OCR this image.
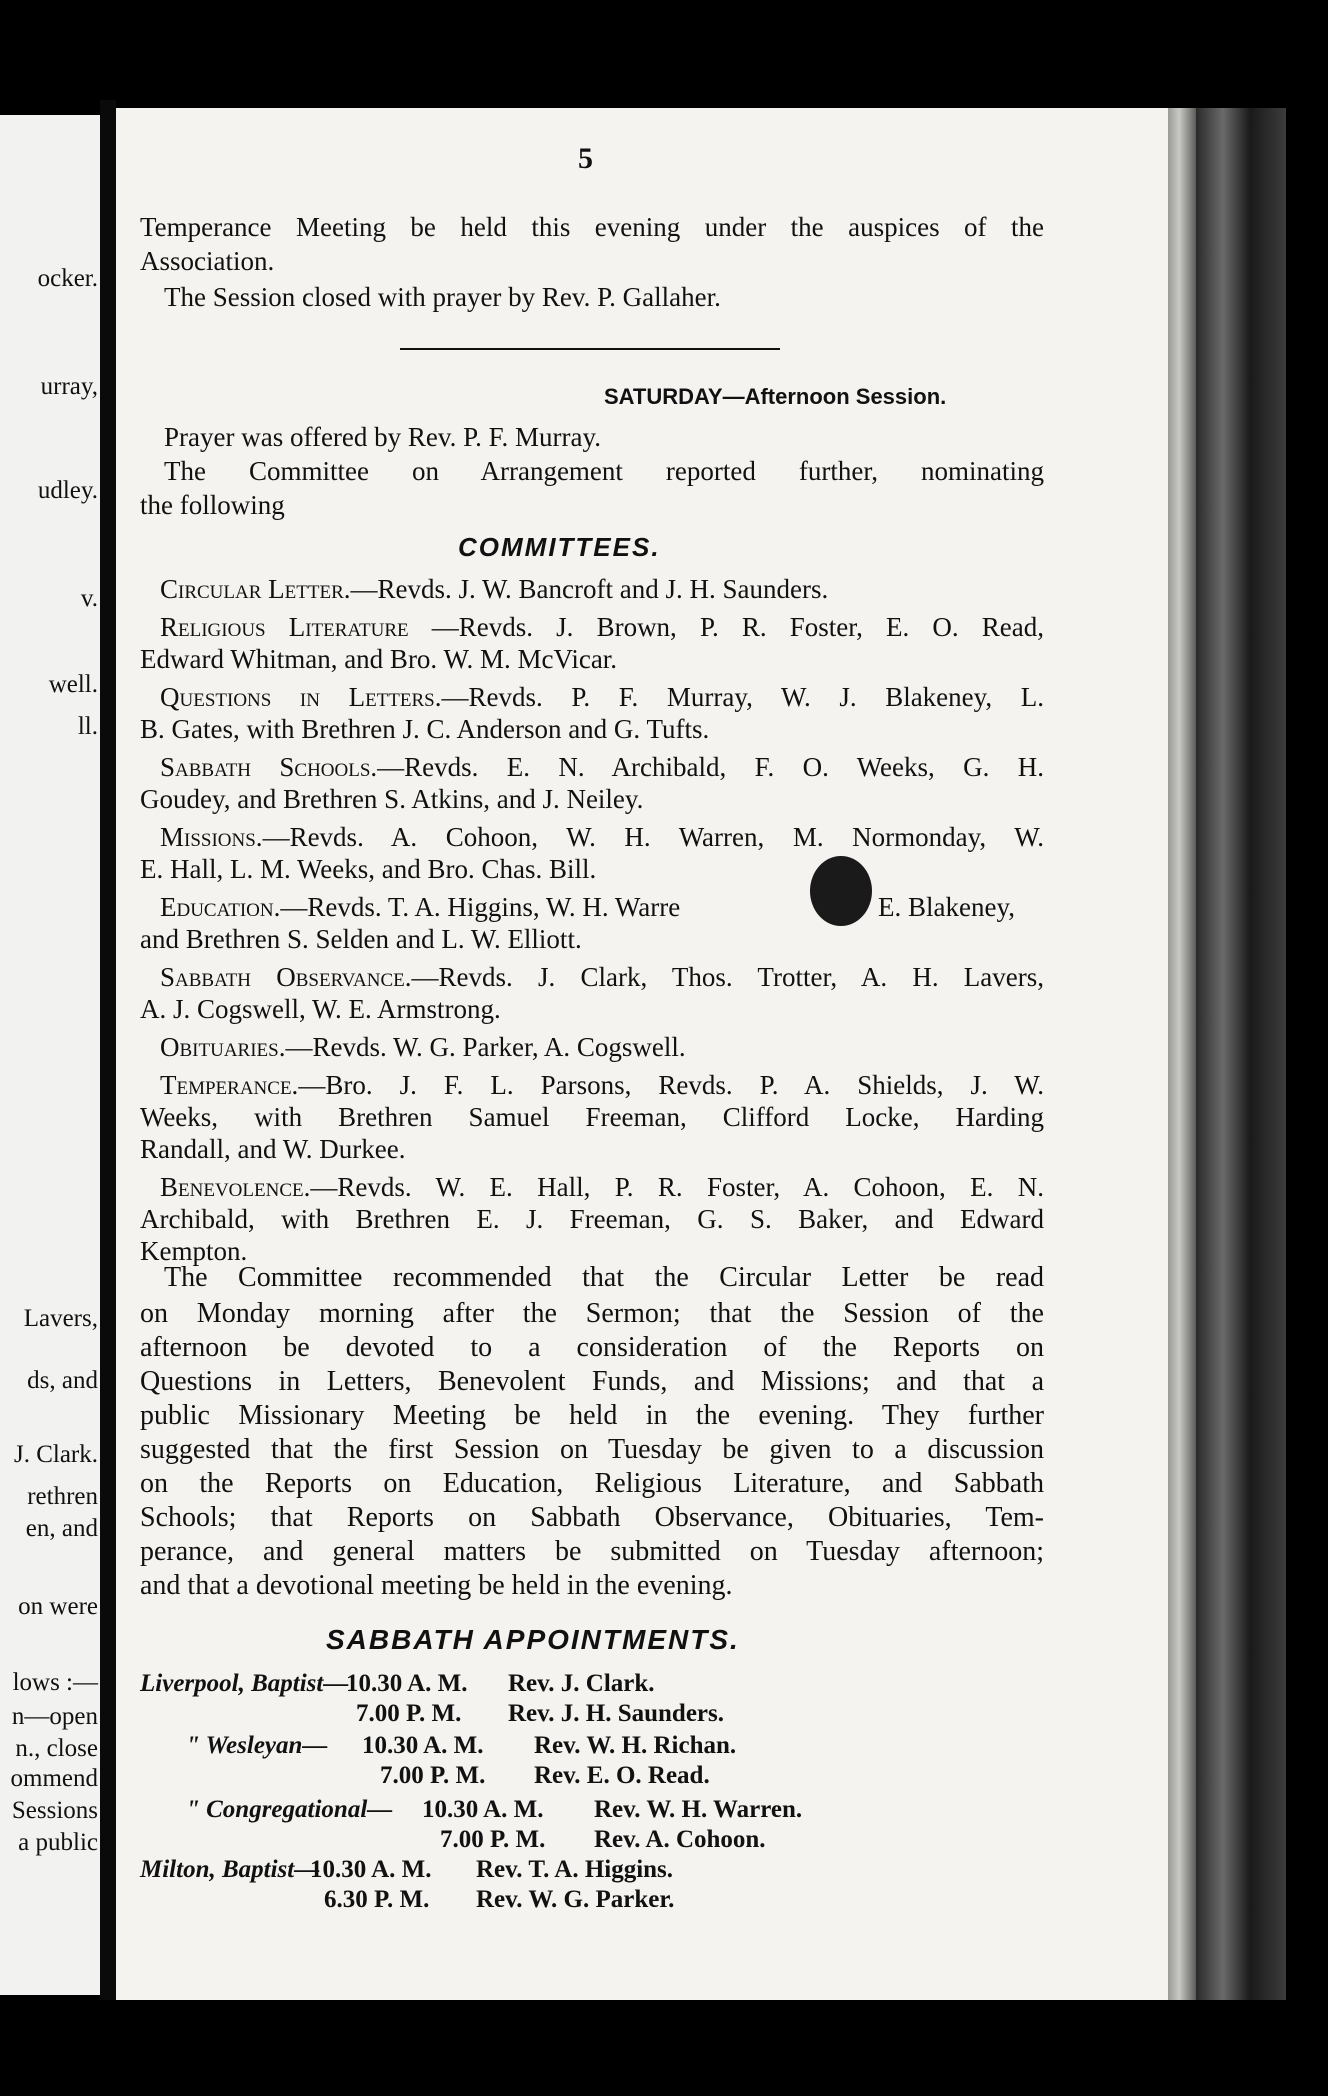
ocker.
urray,
udley.
v.
well.
ll.
Lavers,
ds, and
J. Clark.
rethren
en, and
on were
lows :—
n—open
n., close
ommend
Sessions
a public
5
Temperance Meeting be held this evening under the auspices of the
Association.
The Session closed with prayer by Rev. P. Gallaher.
SATURDAY—Afternoon Session.
Prayer was offered by Rev. P. F. Murray.
The Committee on Arrangement reported further, nominating
the following
COMMITTEES.
Circular Letter.—Revds. J. W. Bancroft and J. H. Saunders.
Religious Literature —Revds. J. Brown, P. R. Foster, E. O. Read,
Edward Whitman, and Bro. W. M. McVicar.
Questions in Letters.—Revds. P. F. Murray, W. J. Blakeney, L.
B. Gates, with Brethren J. C. Anderson and G. Tufts.
Sabbath Schools.—Revds. E. N. Archibald, F. O. Weeks, G. H.
Goudey, and Brethren S. Atkins, and J. Neiley.
Missions.—Revds. A. Cohoon, W. H. Warren, M. Normonday, W.
E. Hall, L. M. Weeks, and Bro. Chas. Bill.
Education.—Revds. T. A. Higgins, W. H. Warre	E. Blakeney,
and Brethren S. Selden and L. W. Elliott.
Sabbath Observance.—Revds. J. Clark, Thos. Trotter, A. H. Lavers,
A. J. Cogswell, W. E. Armstrong.
Obituaries.—Revds. W. G. Parker, A. Cogswell.
Temperance.—Bro. J. F. L. Parsons, Revds. P. A. Shields, J. W.
Weeks, with Brethren Samuel Freeman, Clifford Locke, Harding
Randall, and W. Durkee.
Benevolence.—Revds. W. E. Hall, P. R. Foster, A. Cohoon, E. N.
Archibald, with Brethren E. J. Freeman, G. S. Baker, and Edward
Kempton.
The Committee recommended that the Circular Letter be read
on Monday morning after the Sermon; that the Session of the
afternoon be devoted to a consideration of the Reports on
Questions in Letters, Benevolent Funds, and Missions; and that a
public Missionary Meeting be held in the evening. They further
suggested that the first Session on Tuesday be given to a discussion
on the Reports on Education, Religious Literature, and Sabbath
Schools; that Reports on Sabbath Observance, Obituaries, Tem-
perance, and general matters be submitted on Tuesday afternoon;
and that a devotional meeting be held in the evening.
SABBATH APPOINTMENTS.
Liverpool, Baptist—
10.30 A. M. Rev. J. Clark.
7.00 P. M. Rev. J. H. Saunders.
" Wesleyan— 10.30 A. M. Rev. W. H. Richan.
7.00 P. M. Rev. E. O. Read.
" Congregational— 10.30 A. M. Rev. W. H. Warren.
7.00 P. M. Rev. A. Cohoon.
Milton, Baptist—
10.30 A. M. Rev. T. A. Higgins.
6.30 P. M. Rev. W. G. Parker.
